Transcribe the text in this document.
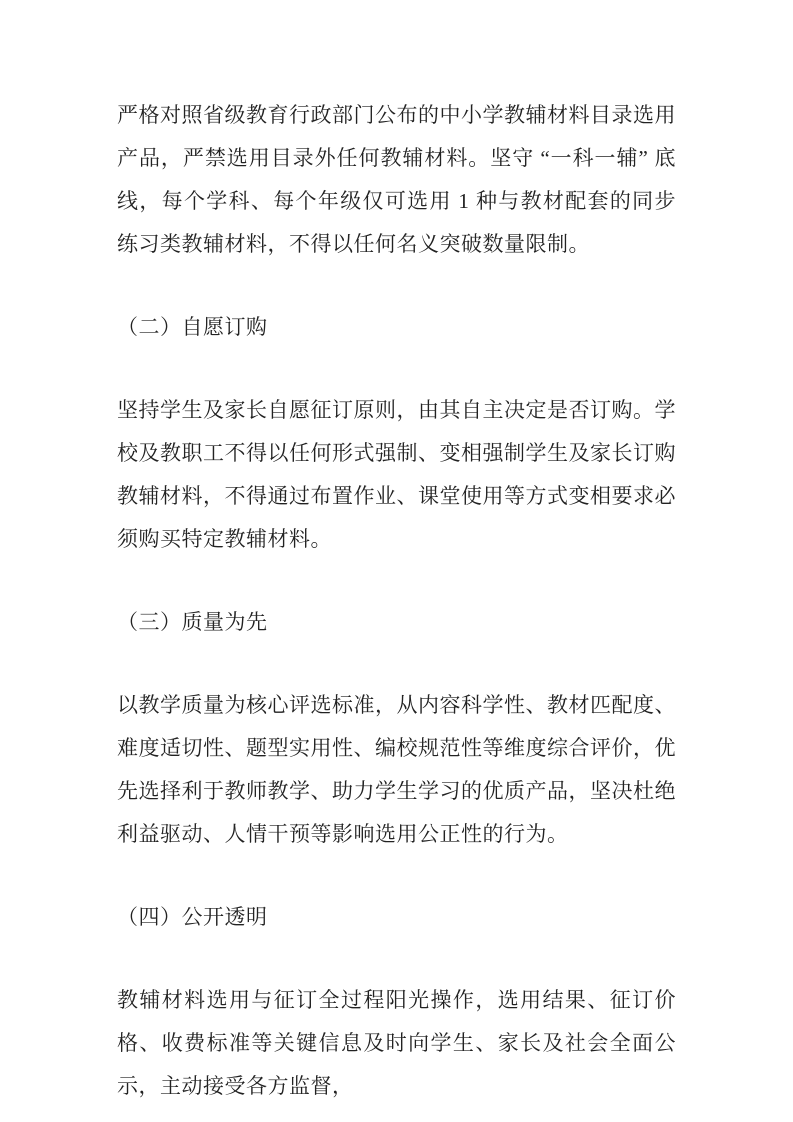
严格对照省级教育行政部门公布的中小学教辅材料目录选用产品，严禁选用目录外任何教辅材料。坚守 “一科一辅” 底线，每个学科、每个年级仅可选用 1 种与教材配套的同步练习类教辅材料，不得以任何名义突破数量限制。

（二）自愿订购

坚持学生及家长自愿征订原则，由其自主决定是否订购。学校及教职工不得以任何形式强制、变相强制学生及家长订购教辅材料，不得通过布置作业、课堂使用等方式变相要求必须购买特定教辅材料。

（三）质量为先

以教学质量为核心评选标准，从内容科学性、教材匹配度、难度适切性、题型实用性、编校规范性等维度综合评价，优先选择利于教师教学、助力学生学习的优质产品，坚决杜绝利益驱动、人情干预等影响选用公正性的行为。

（四）公开透明

教辅材料选用与征订全过程阳光操作，选用结果、征订价格、收费标准等关键信息及时向学生、家长及社会全面公示，主动接受各方监督，
